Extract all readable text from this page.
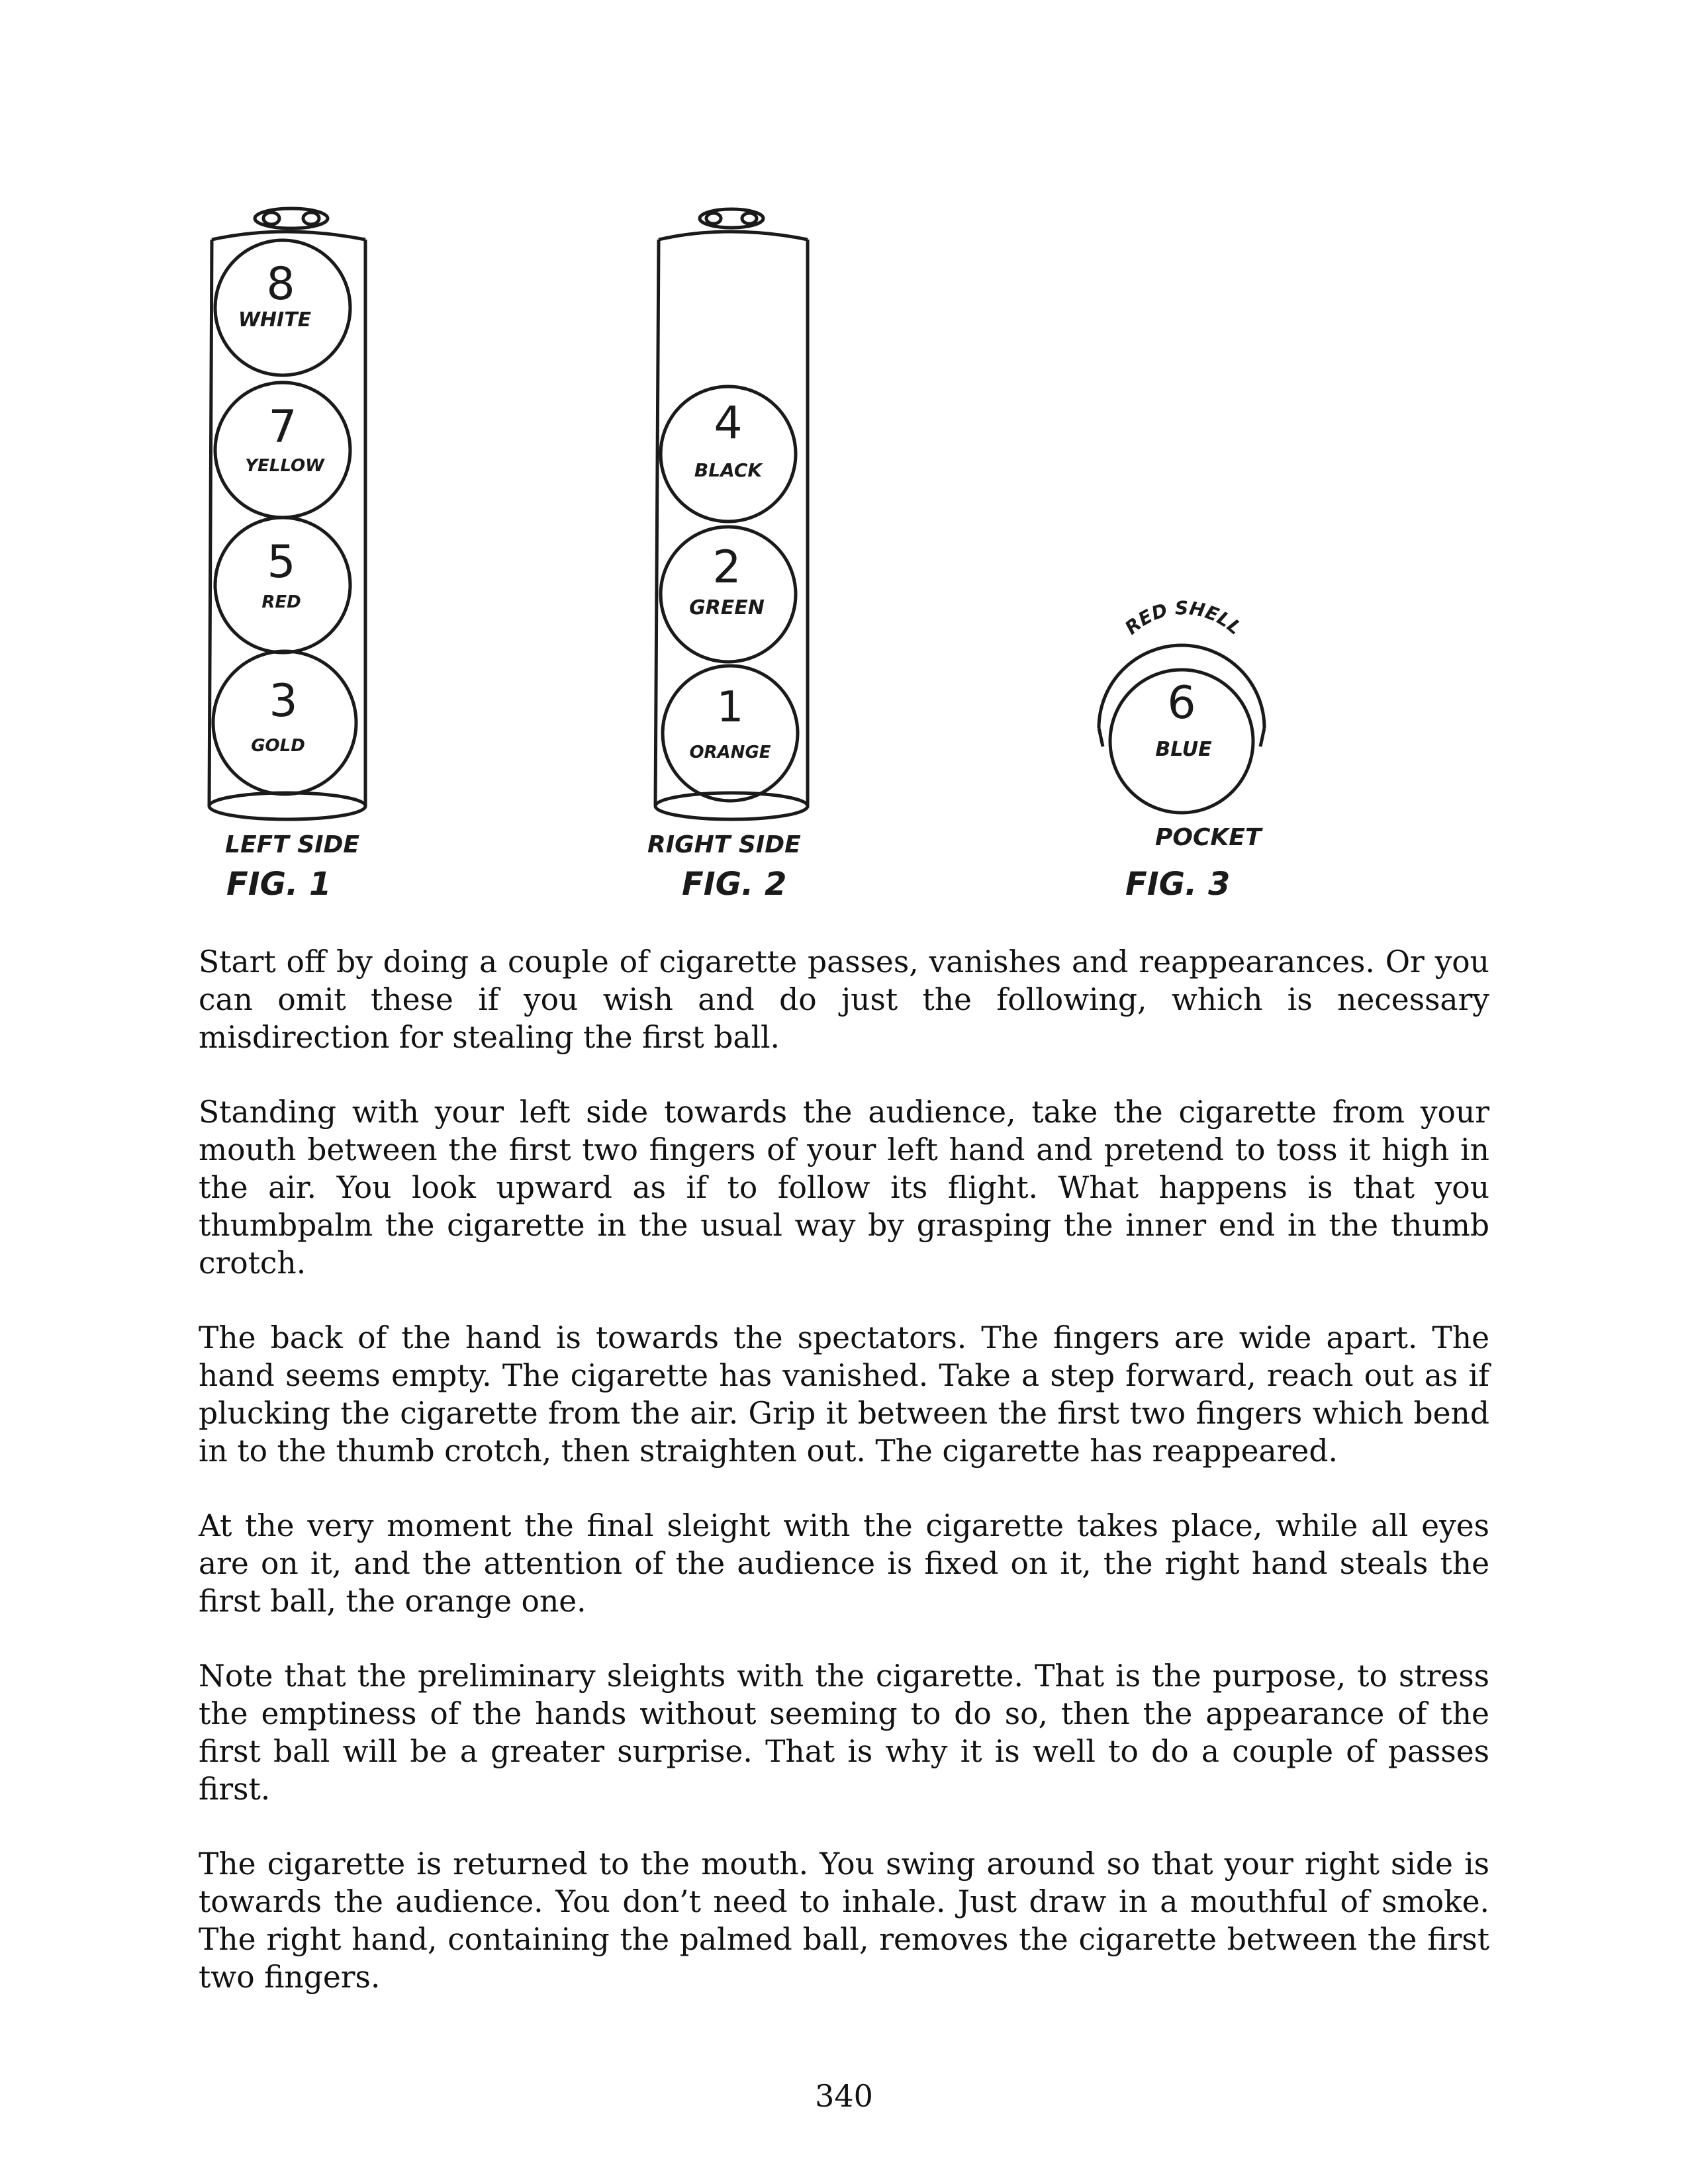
8
WHITE
7
YELLOW
5
RED
3
GOLD
LEFT SIDE
FIG. 1
4
BLACK
2
GREEN
1
ORANGE
RIGHT SIDE
FIG. 2
RED SHELL
6
BLUE
POCKET
FIG. 3

Start off by doing a couple of cigarette passes, vanishes and reappearances. Or you can omit these if you wish and do just the following, which is necessary misdirection for stealing the first ball.

Standing with your left side towards the audience, take the cigarette from your mouth between the first two fingers of your left hand and pretend to toss it high in the air. You look upward as if to follow its flight. What happens is that you thumbpalm the cigarette in the usual way by grasping the inner end in the thumb crotch.

The back of the hand is towards the spectators. The fingers are wide apart. The hand seems empty. The cigarette has vanished. Take a step forward, reach out as if plucking the cigarette from the air. Grip it between the first two fingers which bend in to the thumb crotch, then straighten out. The cigarette has reappeared.

At the very moment the final sleight with the cigarette takes place, while all eyes are on it, and the attention of the audience is fixed on it, the right hand steals the first ball, the orange one.

Note that the preliminary sleights with the cigarette. That is the purpose, to stress the emptiness of the hands without seeming to do so, then the appearance of the first ball will be a greater surprise. That is why it is well to do a couple of passes first.

The cigarette is returned to the mouth. You swing around so that your right side is towards the audience. You don’t need to inhale. Just draw in a mouthful of smoke. The right hand, containing the palmed ball, removes the cigarette between the first two fingers.

340
